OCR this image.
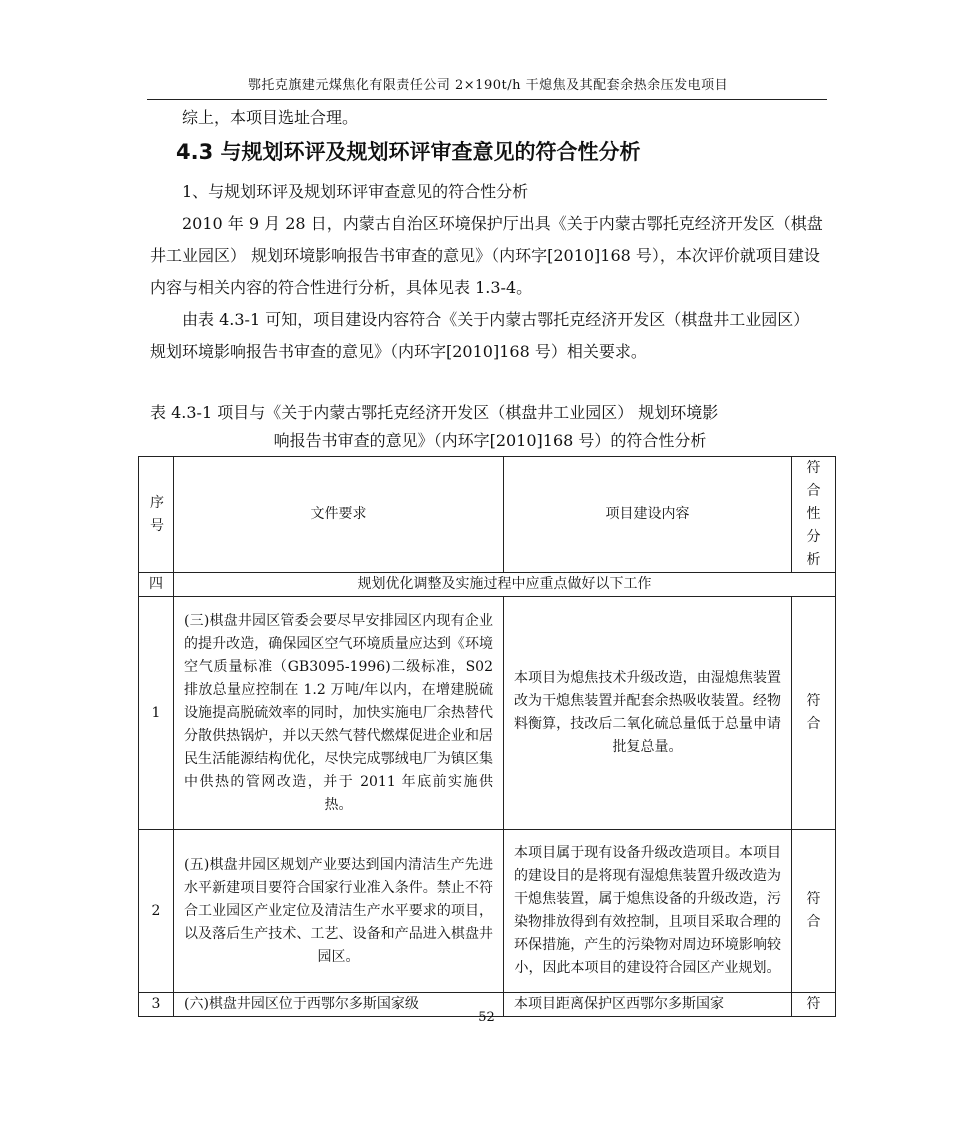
鄂托克旗建元煤焦化有限责任公司 2×190t/h 干熄焦及其配套余热余压发电项目
综上，本项目选址合理。
4.3 与规划环评及规划环评审查意见的符合性分析
1、与规划环评及规划环评审查意见的符合性分析
2010 年 9 月 28 日，内蒙古自治区环境保护厅出具《关于内蒙古鄂托克经济开发区（棋盘井工业园区） 规划环境影响报告书审查的意见》（内环字[2010]168 号），本次评价就项目建设内容与相关内容的符合性进行分析，具体见表 1.3-4。
由表 4.3-1 可知，项目建设内容符合《关于内蒙古鄂托克经济开发区（棋盘井工业园区） 规划环境影响报告书审查的意见》（内环字[2010]168 号）相关要求。
表 4.3-1 项目与《关于内蒙古鄂托克经济开发区（棋盘井工业园区） 规划环境影
响报告书审查的意见》（内环字[2010]168 号）的符合性分析
序号	文件要求	项目建设内容	符合性分析
四	规划优化调整及实施过程中应重点做好以下工作		
1	(三)棋盘井园区管委会要尽早安排园区内现有企业的提升改造，确保园区空气环境质量应达到《环境空气质量标准（GB3095-1996)二级标准，S02 排放总量应控制在 1.2 万吨/年以内，在增建脱硫设施提高脱硫效率的同时，加快实施电厂余热替代分散供热锅炉，并以天然气替代燃煤促进企业和居民生活能源结构优化，尽快完成鄂绒电厂为镇区集中供热的管网改造，并于 2011 年底前实施供热。	本项目为熄焦技术升级改造，由湿熄焦装置改为干熄焦装置并配套余热吸收装置。经物料衡算，技改后二氧化硫总量低于总量申请批复总量。	符合
2	(五)棋盘井园区规划产业要达到国内清洁生产先进水平新建项目要符合国家行业准入条件。禁止不符合工业园区产业定位及清洁生产水平要求的项目，以及落后生产技术、工艺、设备和产品进入棋盘井园区。	本项目属于现有设备升级改造项目。本项目的建设目的是将现有湿熄焦装置升级改造为干熄焦装置，属于熄焦设备的升级改造，污染物排放得到有效控制，且项目采取合理的环保措施，产生的污染物对周边环境影响较小，因此本项目的建设符合园区产业规划。	符合
3	(六)棋盘井园区位于西鄂尔多斯国家级	本项目距离保护区西鄂尔多斯国家	符
52
